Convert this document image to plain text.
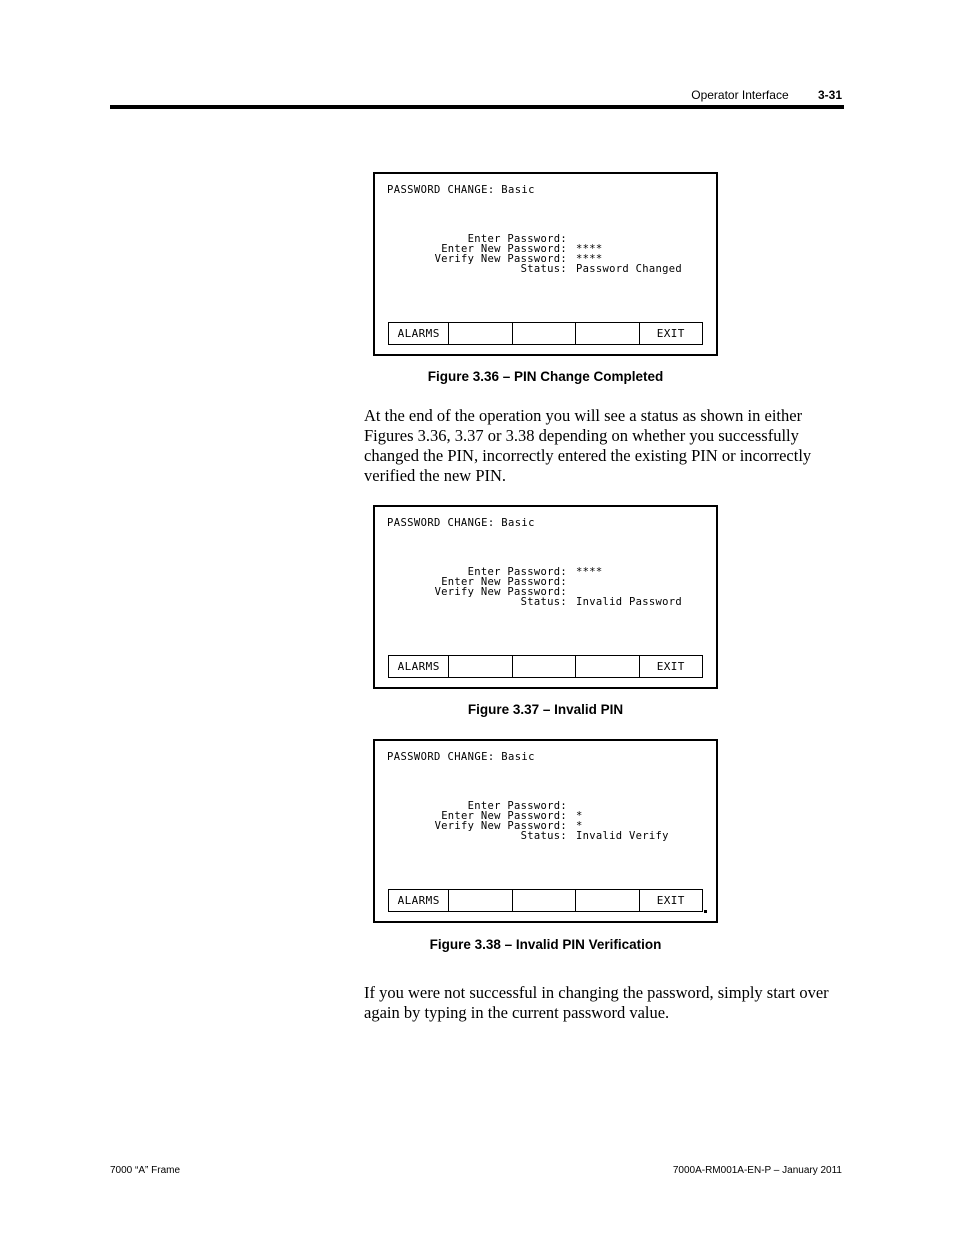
Operator Interface 3-31
PASSWORD CHANGE: Basic
Enter Password:
Enter New Password: ****
Verify New Password: ****
Status: Password Changed
ALARMS	EXIT
Figure 3.36 – PIN Change Completed
At the end of the operation you will see a status as shown in either Figures 3.36, 3.37 or 3.38 depending on whether you successfully changed the PIN, incorrectly entered the existing PIN or incorrectly verified the new PIN.
PASSWORD CHANGE: Basic
Enter Password: ****
Enter New Password:
Verify New Password:
Status: Invalid Password
ALARMS	EXIT
Figure 3.37 – Invalid PIN
PASSWORD CHANGE: Basic
Enter Password:
Enter New Password: *
Verify New Password: *
Status: Invalid Verify
ALARMS	EXIT
Figure 3.38 – Invalid PIN Verification
If you were not successful in changing the password, simply start over again by typing in the current password value.
7000 “A” Frame	7000A-RM001A-EN-P – January 2011
